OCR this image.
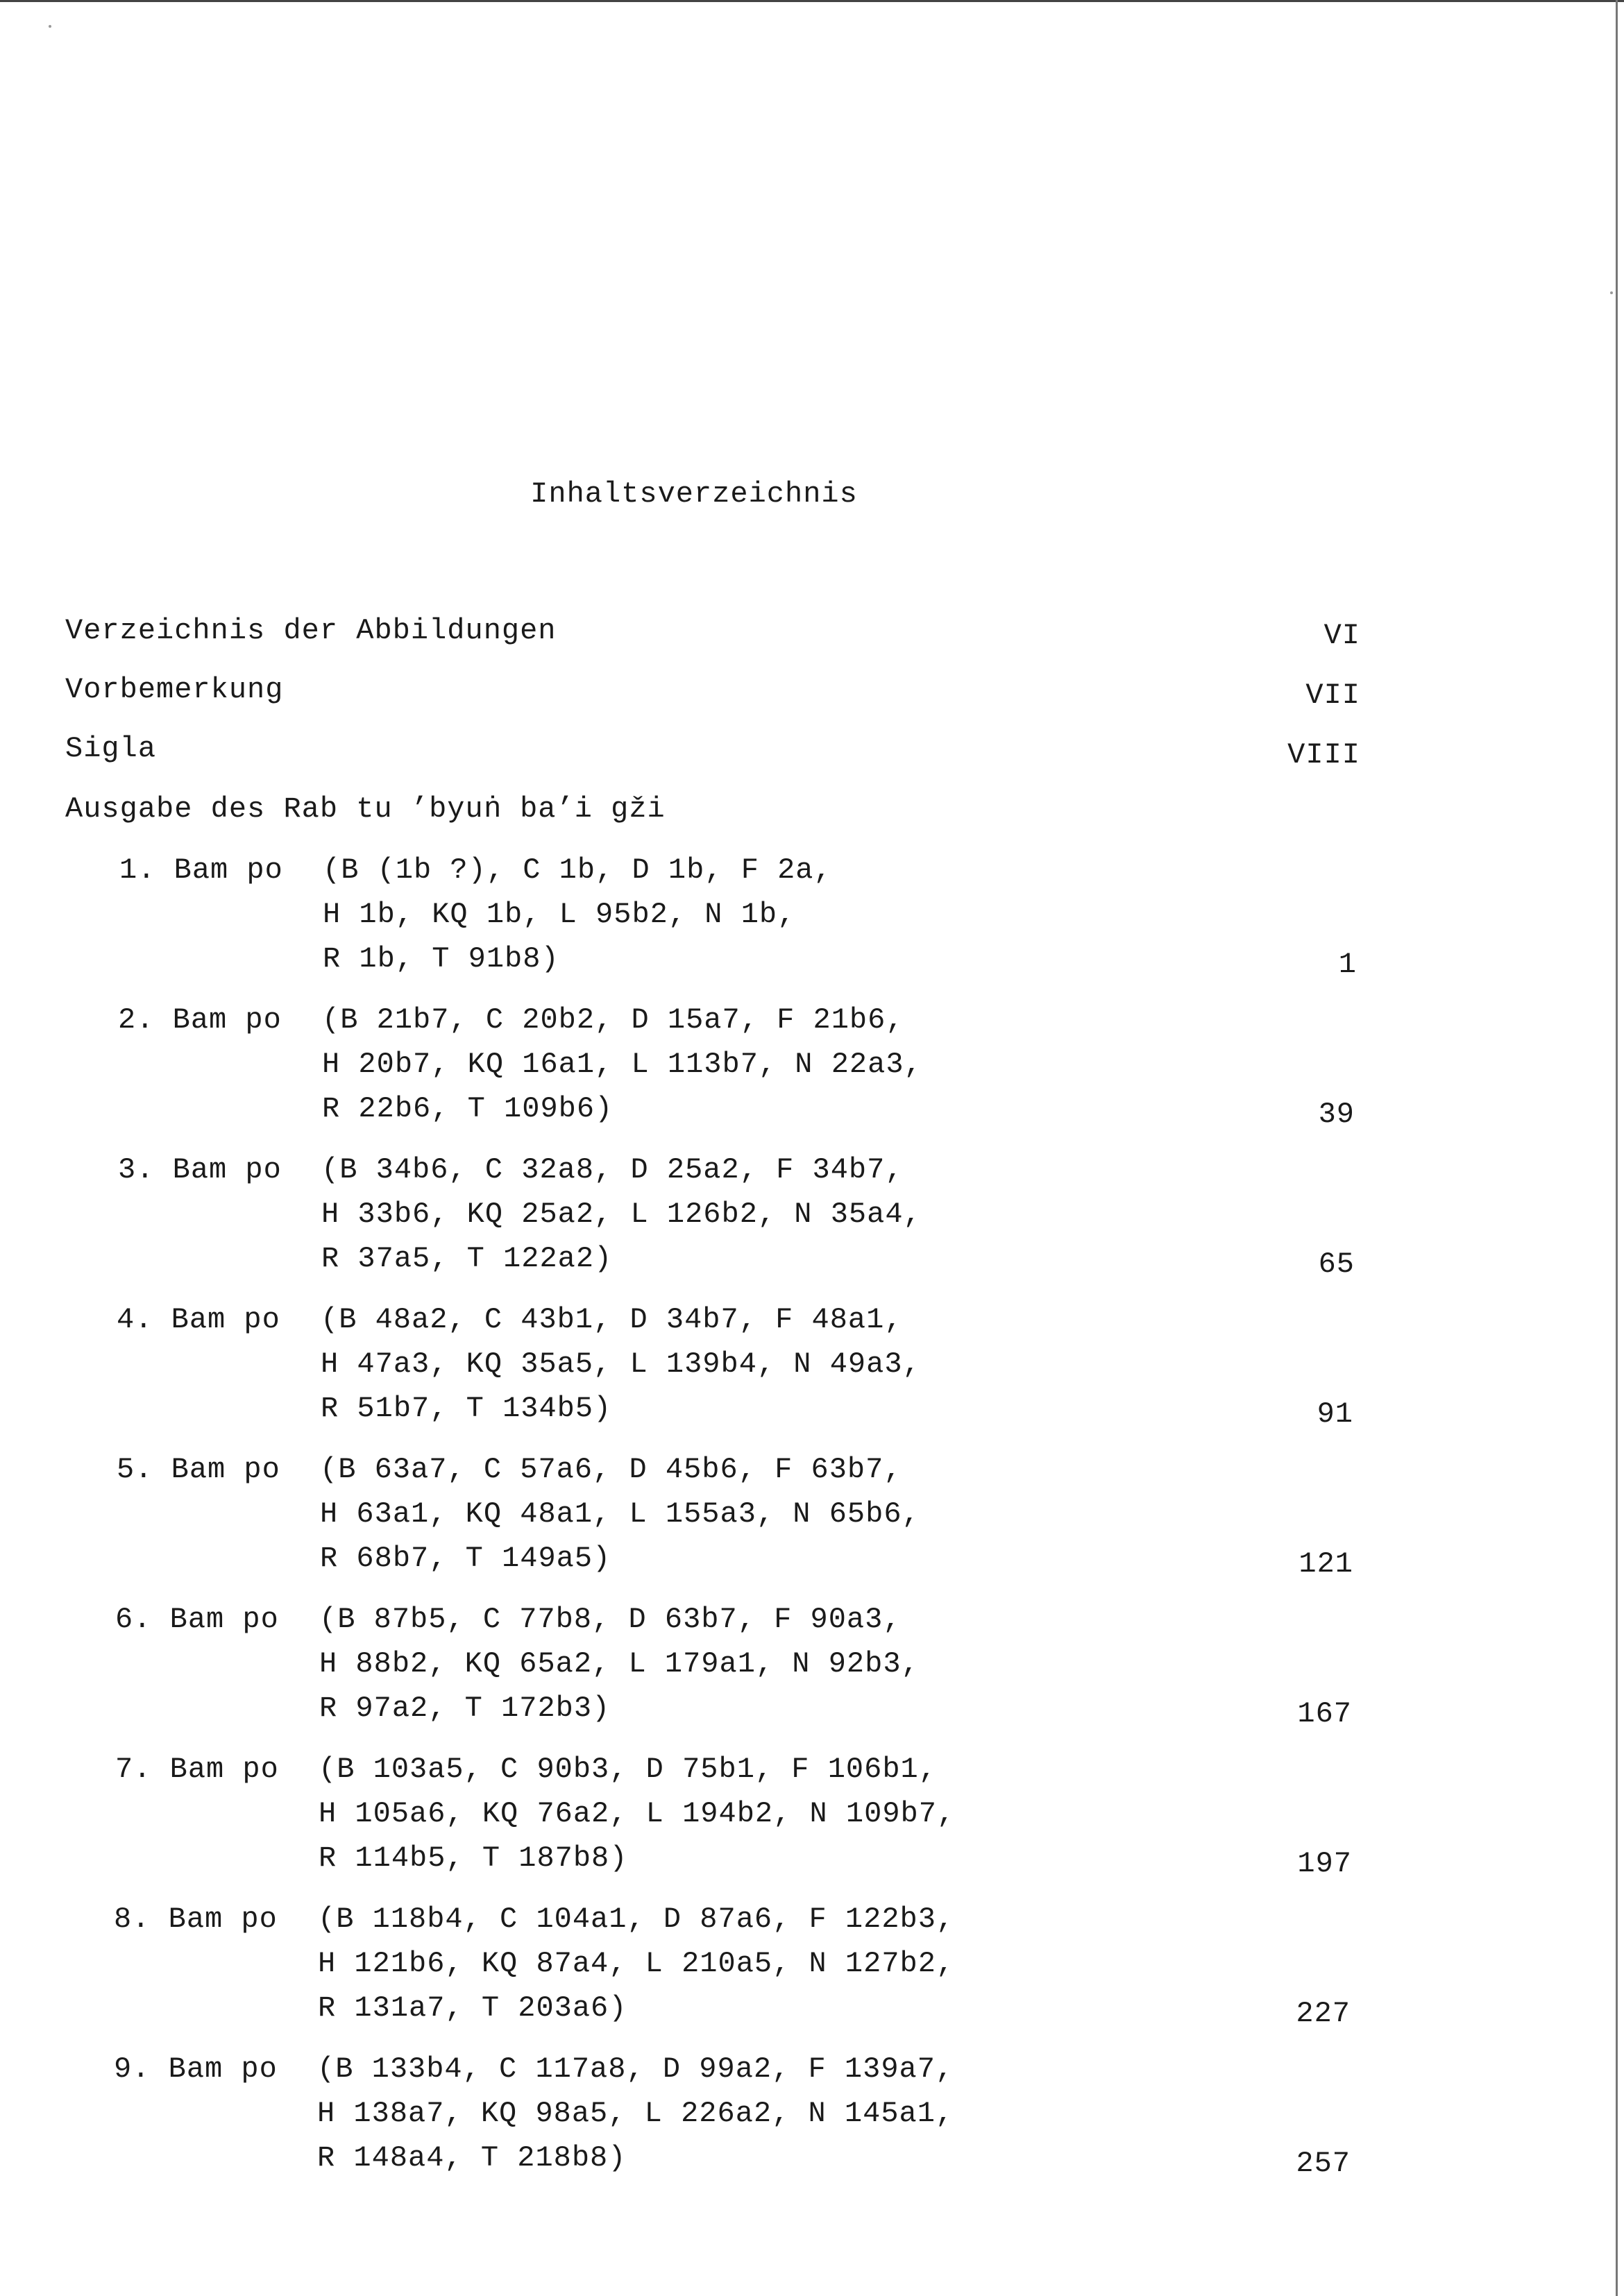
Inhaltsverzeichnis
Verzeichnis der Abbildungen	VI
Vorbemerkung	VII
Sigla	VIII
Ausgabe des Rab tu ’byuṅ ba’i gži
1. Bam po (B (1b ?), C 1b, D 1b, F 2a,
H 1b, KQ 1b, L 95b2, N 1b,
R 1b, T 91b8)	1
2. Bam po (B 21b7, C 20b2, D 15a7, F 21b6,
H 20b7, KQ 16a1, L 113b7, N 22a3,
R 22b6, T 109b6)	39
3. Bam po (B 34b6, C 32a8, D 25a2, F 34b7,
H 33b6, KQ 25a2, L 126b2, N 35a4,
R 37a5, T 122a2)	65
4. Bam po (B 48a2, C 43b1, D 34b7, F 48a1,
H 47a3, KQ 35a5, L 139b4, N 49a3,
R 51b7, T 134b5)	91
5. Bam po (B 63a7, C 57a6, D 45b6, F 63b7,
H 63a1, KQ 48a1, L 155a3, N 65b6,
R 68b7, T 149a5)	121
6. Bam po (B 87b5, C 77b8, D 63b7, F 90a3,
H 88b2, KQ 65a2, L 179a1, N 92b3,
R 97a2, T 172b3)	167
7. Bam po (B 103a5, C 90b3, D 75b1, F 106b1,
H 105a6, KQ 76a2, L 194b2, N 109b7,
R 114b5, T 187b8)	197
8. Bam po (B 118b4, C 104a1, D 87a6, F 122b3,
H 121b6, KQ 87a4, L 210a5, N 127b2,
R 131a7, T 203a6)	227
9. Bam po (B 133b4, C 117a8, D 99a2, F 139a7,
H 138a7, KQ 98a5, L 226a2, N 145a1,
R 148a4, T 218b8)	257
